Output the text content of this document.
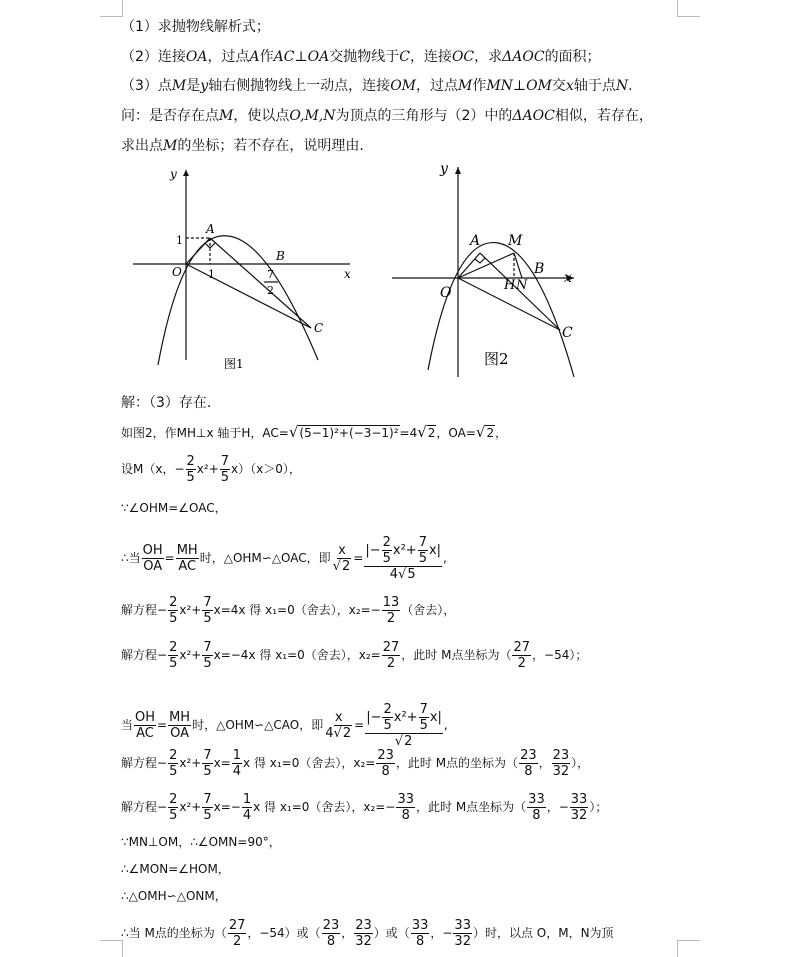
（1）求抛物线解析式；
（2）连接OA，过点A作AC⊥OA交抛物线于C，连接OC，求ΔAOC的面积；
（3）点M是y轴右侧抛物线上一动点，连接OM，过点M作MN⊥OM交x轴于点N.
问：是否存在点M，使以点O,M,N为顶点的三角形与（2）中的ΔAOC相似，若存在，
求出点M的坐标；若不存在，说明理由.
y
x
O
A
B
C
1
1	7
2
图1
y
x
O
A M
B
H N
C
图2
解：（3）存在.
如图2，作MH⊥x 轴于H，AC=√(5−1)²+(−3−1)²=4√2，OA=√2，
设M（x，− $\frac{2}{5} x^2+ \frac{7}{5} x)(x>0)$，
∵∠OHM=∠OAC，
∴当 $\frac{OH}{OA} = \frac{MH}{AC}$ 时，△OHM∽△OAC，即 $\frac{x}{√2} = \frac{|- \frac{2}{5} x^2+ \frac{7}{5} x|}{4√5}$ ,
解方程− $\frac{2}{5} x^2+ \frac{7}{5} x=4x$ 得 x₁=0（舍去），$x_2=- \frac{13}{2}$ （舍去），
解方程− $\frac{2}{5} x^2+ \frac{7}{5} x=-4x$ 得 x₁=0（舍去），$x_2= \frac{27}{2}$ ，此时 M点坐标为（ $\frac{27}{2}$ ，−54）；
当 $\frac{OH}{AC} = \frac{MH}{OA}$ 时，△OHM∽△CAO，即 $\frac{x}{4√2} = \frac{|- \frac{2}{5} x^2+ \frac{7}{5} x|}{√2}$ ,
解方程− $\frac{2}{5} x^2+ \frac{7}{5} x= \frac{1}{4}$ x 得 x₁=0（舍去），$x_2= \frac{23}{8}$ ，此时 M点的坐标为（ $\frac{23}{8}$ ， $\frac{23}{32}$ ），
解方程− $\frac{2}{5} x^2+ \frac{7}{5} x=- \frac{1}{4}$ x 得 x₁=0（舍去），$x_2=- \frac{33}{8}$ ，此时 M点坐标为（ $\frac{33}{8}$ ，− $\frac{33}{32}$ ）；
∵MN⊥OM，∴∠OMN=90°，
∴∠MON=∠HOM，
∴△OMH∽△ONM，
∴当 M点的坐标为（ $\frac{27}{2}$ ，−54）或（ $\frac{23}{8}$ ， $\frac{23}{32}$ ）或（ $\frac{33}{8}$ ，− $\frac{33}{32}$ ）时，以点 O，M，N为顶
